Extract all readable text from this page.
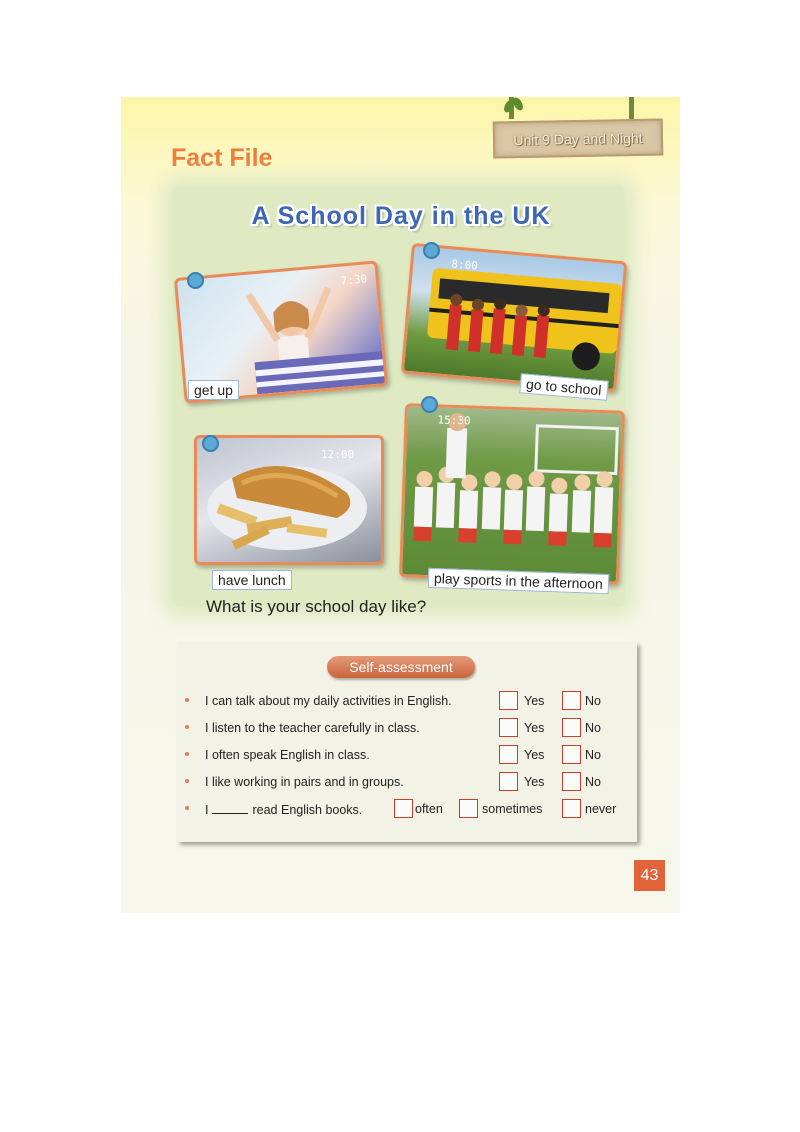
Unit 9 Day and Night
Fact File
A School Day in the UK
7:30
get up
8:00
go to school
12:00
have lunch
15:30
play sports in the afternoon
What is your school day like?
Self-assessment
I can talk about my daily activities in English.	Yes	No
I listen to the teacher carefully in class.	Yes	No
I often speak English in class.	Yes	No
I like working in pairs and in groups.	Yes	No
I	read English books.	often	sometimes	never
43
